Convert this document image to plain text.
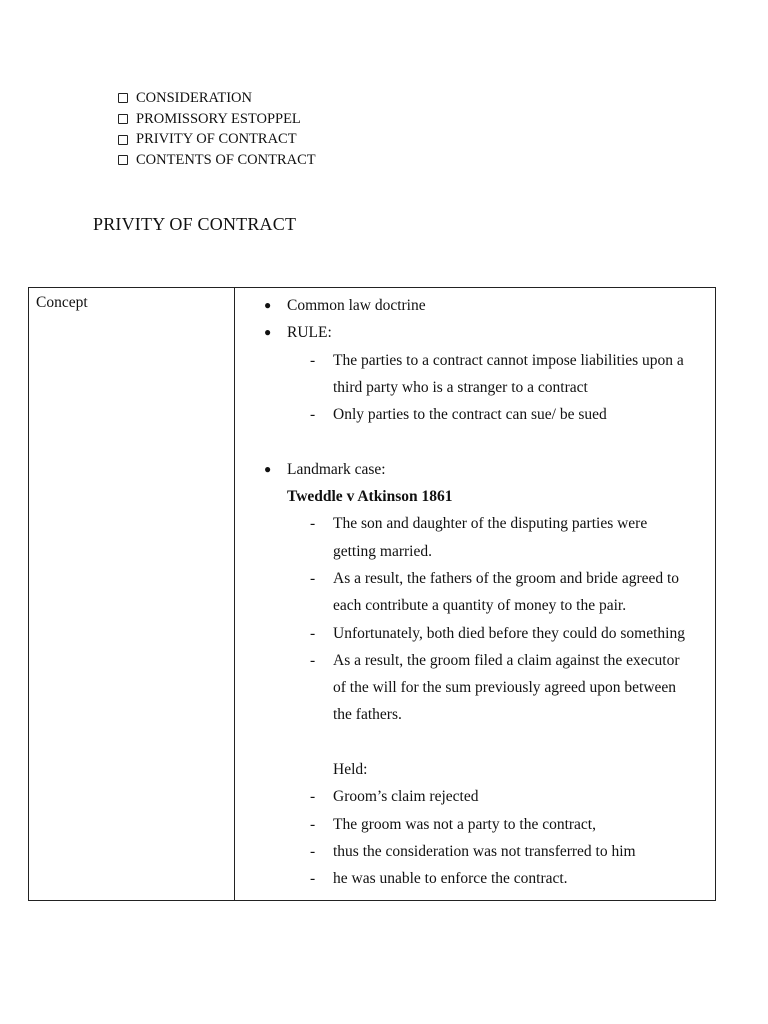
CONSIDERATION
PROMISSORY ESTOPPEL
PRIVITY OF CONTRACT
CONTENTS OF CONTRACT
PRIVITY OF CONTRACT
Concept	● Common law doctrine
● RULE:
- The parties to a contract cannot impose liabilities upon a
third party who is a stranger to a contract
- Only parties to the contract can sue/ be sued
● Landmark case:
Tweddle v Atkinson 1861
- The son and daughter of the disputing parties were
getting married.
- As a result, the fathers of the groom and bride agreed to
each contribute a quantity of money to the pair.
- Unfortunately, both died before they could do something
- As a result, the groom filed a claim against the executor
of the will for the sum previously agreed upon between
the fathers.
Held:
- Groom’s claim rejected
- The groom was not a party to the contract,
- thus the consideration was not transferred to him
- he was unable to enforce the contract.
